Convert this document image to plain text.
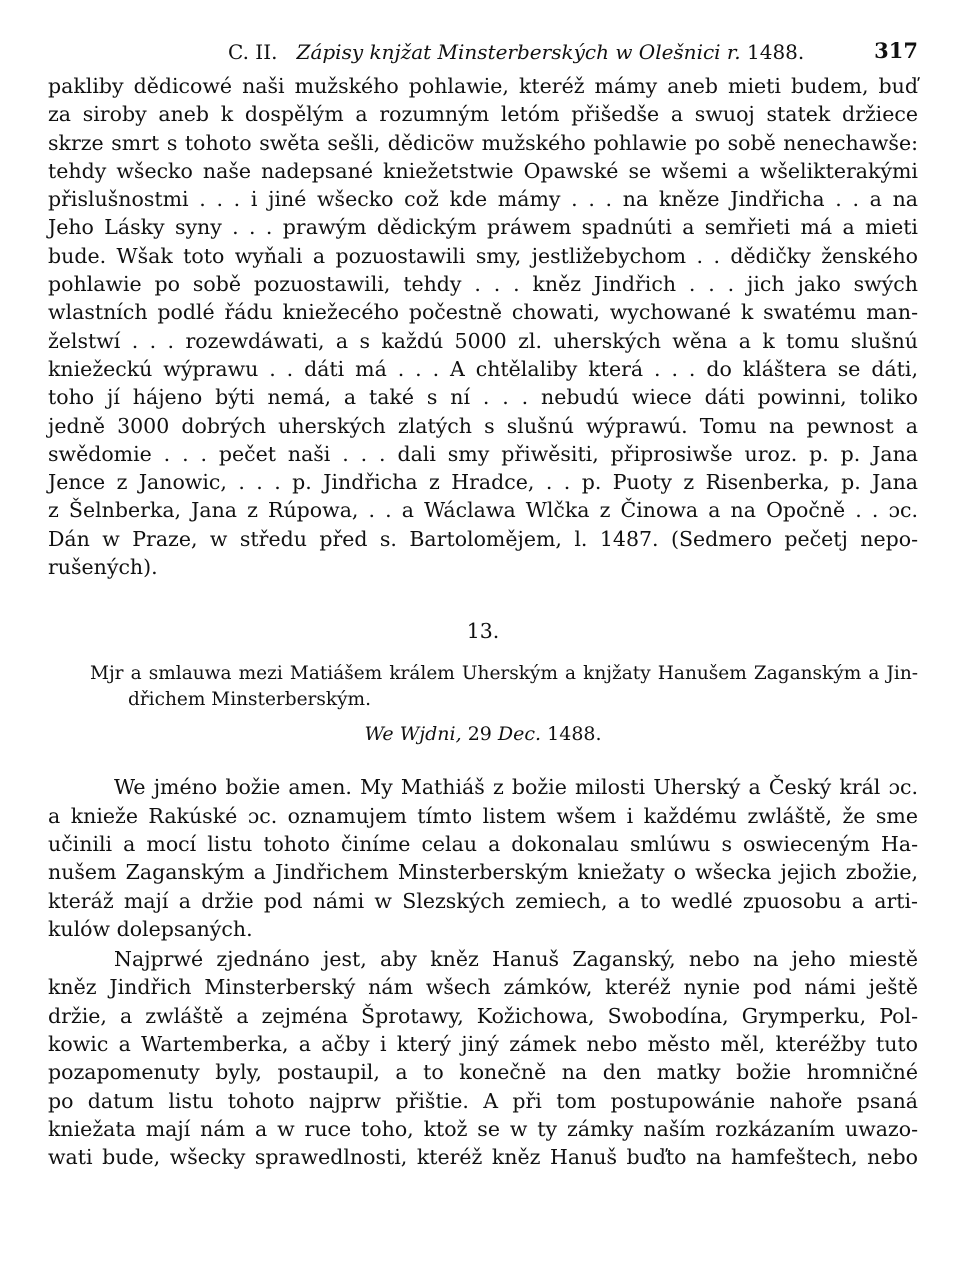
C. II. Zápisy knjžat Minsterberských w Olešnici r. 1488.	317
pakliby dědicowé naši mužského pohlawie, kteréž mámy aneb mieti budem, buď
za siroby aneb k dospělým a rozumným letóm přišedše a swuoj statek držiece
skrze smrt s tohoto swěta sešli, dědicöw mužského pohlawie po sobě nenechawše:
tehdy wšecko naše nadepsané kniežetstwie Opawské se wšemi a wšelikterakými
přislušnostmi . . . i jiné wšecko což kde mámy . . . na kněze Jindřicha . . a na
Jeho Lásky syny . . . prawým dědickým práwem spadnúti a semřieti má a mieti
bude. Wšak toto wyňali a pozuostawili smy, jestližebychom . . dědičky ženského
pohlawie po sobě pozuostawili, tehdy . . . kněz Jindřich . . . jich jako swých
wlastních podlé řádu kniežecého počestně chowati, wychowané k swatému man-
želstwí . . . rozewdáwati, a s každú 5000 zl. uherských wěna a k tomu slušnú
kniežeckú wýprawu . . dáti má . . . A chtělaliby která . . . do kláštera se dáti,
toho jí hájeno býti nemá, a také s ní . . . nebudú wiece dáti powinni, toliko
jedně 3000 dobrých uherských zlatých s slušnú wýprawú. Tomu na pewnost a
swědomie . . . pečet naši . . . dali smy přiwěsiti, připrosiwše uroz. p. p. Jana
Jence z Janowic, . . . p. Jindřicha z Hradce, . . p. Puoty z Risenberka, p. Jana
z Šelnberka, Jana z Rúpowa, . . a Wáclawa Wlčka z Činowa a na Opočně . . ɔc.
Dán w Praze, w středu před s. Bartolomějem, l. 1487. (Sedmero pečetj nepo-
rušených).
13.
Mjr a smlauwa mezi Matiášem králem Uherským a knjžaty Hanušem Zaganským a Jin-
dřichem Minsterberským.
We Wjdni, 29 Dec. 1488.
We jméno božie amen. My Mathiáš z božie milosti Uherský a Český král ɔc.
a knieže Rakúské ɔc. oznamujem tímto listem wšem i každému zwláště, že sme
učinili a mocí listu tohoto činíme celau a dokonalau smlúwu s oswieceným Ha-
nušem Zaganským a Jindřichem Minsterberským kniežaty o wšecka jejich zbožie,
kteráž mají a držie pod námi w Slezských zemiech, a to wedlé zpuosobu a arti-
kulów dolepsaných.
Najprwé zjednáno jest, aby kněz Hanuš Zaganský, nebo na jeho miestě
kněz Jindřich Minsterberský nám wšech zámków, kteréž nynie pod námi ještě
držie, a zwláště a zejména Šprotawy, Kožichowa, Swobodína, Grymperku, Pol-
kowic a Wartemberka, a ačby i který jiný zámek nebo město měl, kteréžby tuto
pozapomenuty byly, postaupil, a to konečně na den matky božie hromničné
po datum listu tohoto najprw přištie. A při tom postupowánie nahoře psaná
kniežata mají nám a w ruce toho, ktož se w ty zámky naším rozkázaním uwazo-
wati bude, wšecky sprawedlnosti, kteréž kněz Hanuš buďto na hamfeštech, nebo
